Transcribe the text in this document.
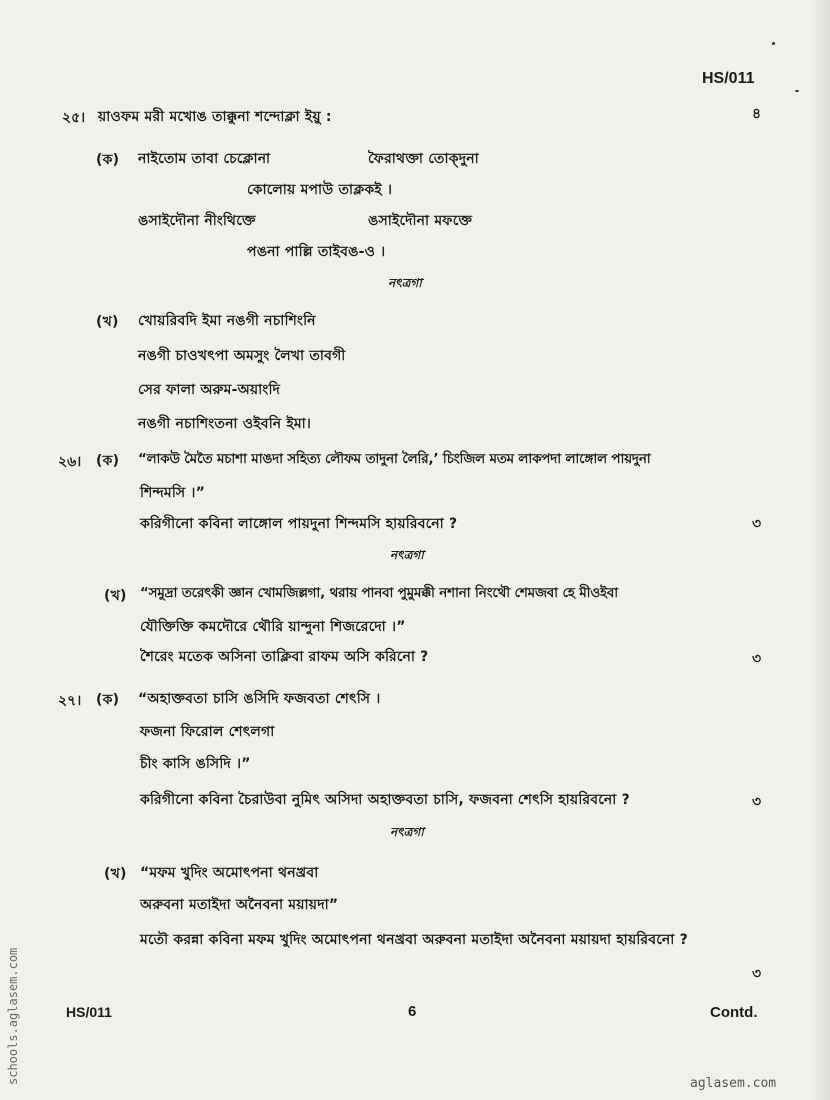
HS/011
২৫। য়াওফম মরী মখোঙ তাক্কুনা শন্দোক্লা ইয়ু :	৪
(ক) নাইতোম তাবা চেক্লোনা	ফৈরাথক্তা তোক্দুনা
কোলোয় মপাউ তাক্লকই ।
ঙসাইদৌনা নীংথিক্তে	ঙসাইদৌনা মফক্তে
পঙনা পাল্লি তাইবঙ-ও ।
নৎত্রগা
(খ) খোয়রিবদি ইমা নঙগী নচাশিংনি
নঙগী চাওখৎপা অমসুং লৈখা তাবগী
সের ফালা অরুম-অয়াংদি
নঙগী নচাশিংতনা ওইবনি ইমা।
২৬। (ক) “লাকউ মৈতৈ মচাশা মাঙদা সহিত্য লৌফম তাদুনা লৈরি,’ চিংজিল মতম লাকপদা লাঙ্গোল পায়দুনা
শিন্দমসি ।”
করিগীনো কবিনা লাঙ্গোল পায়দুনা শিন্দমসি হায়রিবনো ?	৩
নৎত্রগা
(খ) “সমুদ্রা তরেৎকী জ্ঞান খোমজিল্লগা, থরায় পানবা পুমুমক্কী নশানা নিংথৌ শেমজবা হে মীওইবা
যৌক্তিক্তি কমদৌরে থৌরি য়ান্দুনা শিজরেদো ।”
শৈরেং মতেক অসিনা তাক্লিবা রাফম অসি করিনো ?	৩
২৭। (ক) “অহাক্তবতা চাসি ঙসিদি ফজবতা শেৎসি ।
ফজনা ফিরোল শেৎলগা
চীং কাসি ঙসিদি ।”
করিগীনো কবিনা চৈরাউবা নুমিৎ অসিদা অহাক্তবতা চাসি, ফজবনা শেৎসি হায়রিবনো ?	৩
নৎত্রগা
(খ) “মফম খুদিং অমোৎপনা থনখ্রবা
অরুবনা মতাইদা অনৈবনা ময়ায়দা”
মতৌ করন্না কবিনা মফম খুদিং অমোৎপনা থনখ্রবা অরুবনা মতাইদা অনৈবনা ময়ায়দা হায়রিবনো ?
৩
HS/011	6	Contd.
schools.aglasem.com	aglasem.com
